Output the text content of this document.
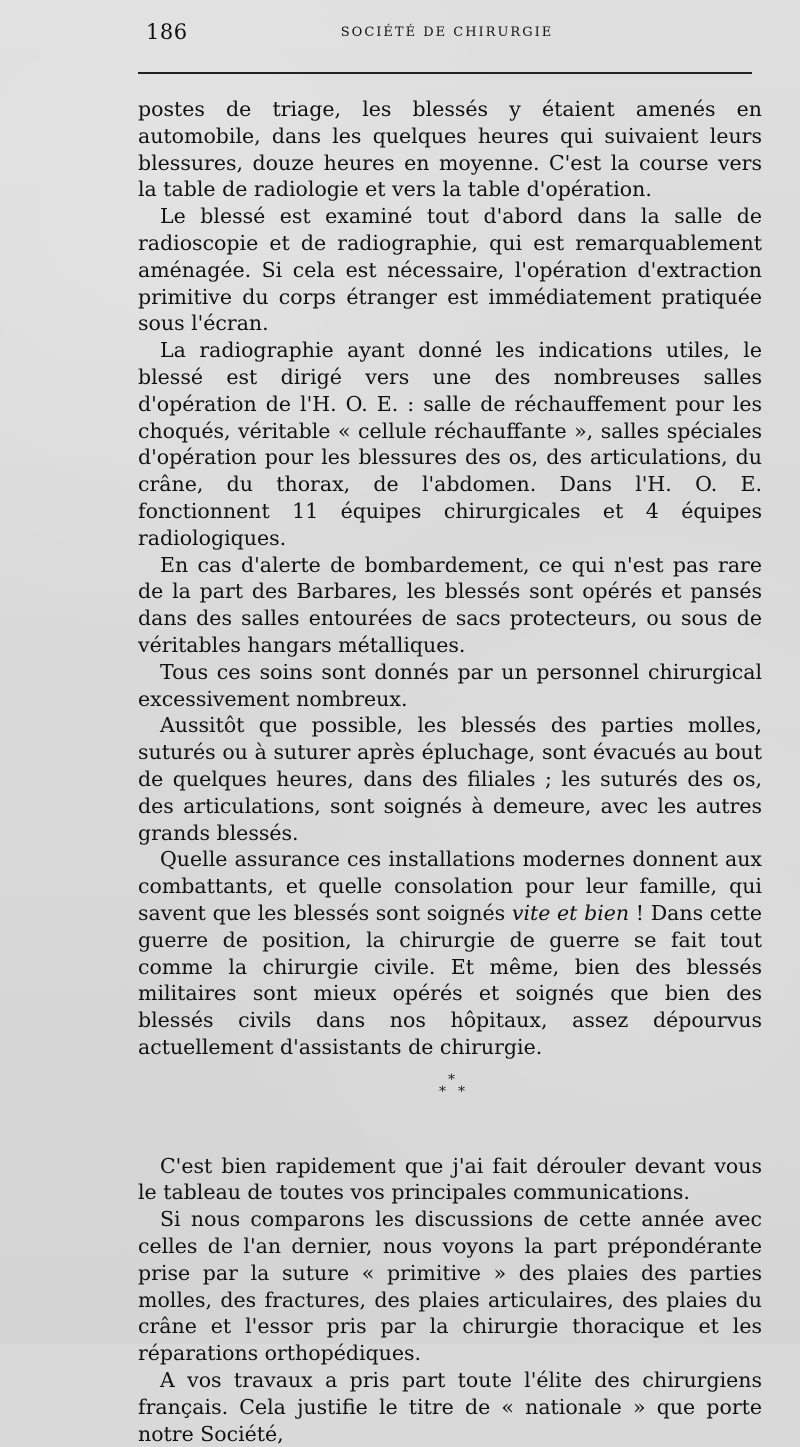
186	SOCIÉTÉ DE CHIRURGIE

postes de triage, les blessés y étaient amenés en automobile, dans les quelques heures qui suivaient leurs blessures, douze heures en moyenne. C'est la course vers la table de radiologie et vers la table d'opération.

Le blessé est examiné tout d'abord dans la salle de radioscopie et de radiographie, qui est remarquablement aménagée. Si cela est nécessaire, l'opération d'extraction primitive du corps étranger est immédiatement pratiquée sous l'écran.

La radiographie ayant donné les indications utiles, le blessé est dirigé vers une des nombreuses salles d'opération de l'H. O. E. : salle de réchauffement pour les choqués, véritable « cellule réchauffante », salles spéciales d'opération pour les blessures des os, des articulations, du crâne, du thorax, de l'abdomen. Dans l'H. O. E. fonctionnent 11 équipes chirurgicales et 4 équipes radiologiques.

En cas d'alerte de bombardement, ce qui n'est pas rare de la part des Barbares, les blessés sont opérés et pansés dans des salles entourées de sacs protecteurs, ou sous de véritables hangars métalliques.

Tous ces soins sont donnés par un personnel chirurgical excessivement nombreux.

Aussitôt que possible, les blessés des parties molles, suturés ou à suturer après épluchage, sont évacués au bout de quelques heures, dans des filiales ; les suturés des os, des articulations, sont soignés à demeure, avec les autres grands blessés.

Quelle assurance ces installations modernes donnent aux combattants, et quelle consolation pour leur famille, qui savent que les blessés sont soignés vite et bien ! Dans cette guerre de position, la chirurgie de guerre se fait tout comme la chirurgie civile. Et même, bien des blessés militaires sont mieux opérés et soignés que bien des blessés civils dans nos hôpitaux, assez dépourvus actuellement d'assistants de chirurgie.

*
* *

C'est bien rapidement que j'ai fait dérouler devant vous le tableau de toutes vos principales communications.

Si nous comparons les discussions de cette année avec celles de l'an dernier, nous voyons la part prépondérante prise par la suture « primitive » des plaies des parties molles, des fractures, des plaies articulaires, des plaies du crâne et l'essor pris par la chirurgie thoracique et les réparations orthopédiques.

A vos travaux a pris part toute l'élite des chirurgiens français. Cela justifie le titre de « nationale » que porte notre Société,
